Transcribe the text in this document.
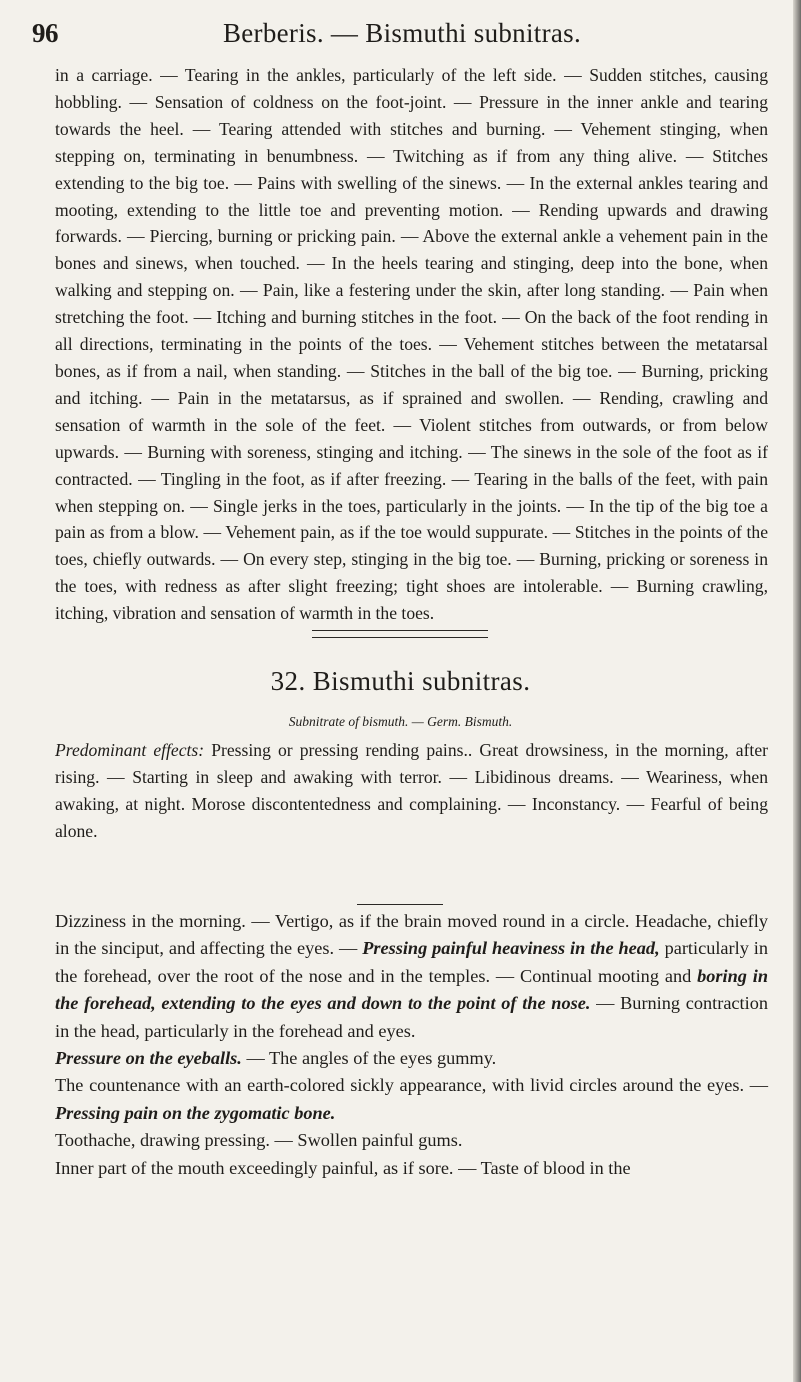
96	Berberis. — Bismuthi subnitras.

in a carriage. — Tearing in the ankles, particularly of the left side. — Sudden stitches, causing hobbling. — Sensation of coldness on the foot-joint. — Pressure in the inner ankle and tearing towards the heel. — Tearing attended with stitches and burning. — Vehement stinging, when stepping on, terminating in benumbness. — Twitching as if from any thing alive. — Stitches extending to the big toe. — Pains with swelling of the sinews. — In the external ankles tearing and mooting, extending to the little toe and preventing motion. — Rending upwards and drawing forwards. — Piercing, burning or pricking pain. — Above the external ankle a vehement pain in the bones and sinews, when touched. — In the heels tearing and stinging, deep into the bone, when walking and stepping on. — Pain, like a festering under the skin, after long standing. — Pain when stretching the foot. — Itching and burning stitches in the foot. — On the back of the foot rending in all directions, terminating in the points of the toes. — Vehement stitches between the metatarsal bones, as if from a nail, when standing. — Stitches in the ball of the big toe. — Burning, pricking and itching. — Pain in the metatarsus, as if sprained and swollen. — Rending, crawling and sensation of warmth in the sole of the feet. — Violent stitches from outwards, or from below upwards. — Burning with soreness, stinging and itching. — The sinews in the sole of the foot as if contracted. — Tingling in the foot, as if after freezing. — Tearing in the balls of the feet, with pain when stepping on. — Single jerks in the toes, particularly in the joints. — In the tip of the big toe a pain as from a blow. — Vehement pain, as if the toe would suppurate. — Stitches in the points of the toes, chiefly outwards. — On every step, stinging in the big toe. — Burning, pricking or soreness in the toes, with redness as after slight freezing; tight shoes are intolerable. — Burning crawling, itching, vibration and sensation of warmth in the toes.

32. Bismuthi subnitras.
Subnitrate of bismuth. — Germ. Bismuth.

Predominant effects: Pressing or pressing rending pains.. Great drowsiness, in the morning, after rising. — Starting in sleep and awaking with terror. — Libidinous dreams. — Weariness, when awaking, at night. Morose discontentedness and complaining. — Inconstancy. — Fearful of being alone.

Dizziness in the morning. — Vertigo, as if the brain moved round in a circle. Headache, chiefly in the sinciput, and affecting the eyes. — Pressing painful heaviness in the head, particularly in the forehead, over the root of the nose and in the temples. — Continual mooting and boring in the forehead, extending to the eyes and down to the point of the nose. — Burning contraction in the head, particularly in the forehead and eyes.

Pressure on the eyeballs. — The angles of the eyes gummy.

The countenance with an earth-colored sickly appearance, with livid circles around the eyes. — Pressing pain on the zygomatic bone.

Toothache, drawing pressing. — Swollen painful gums.

Inner part of the mouth exceedingly painful, as if sore. — Taste of blood in the
